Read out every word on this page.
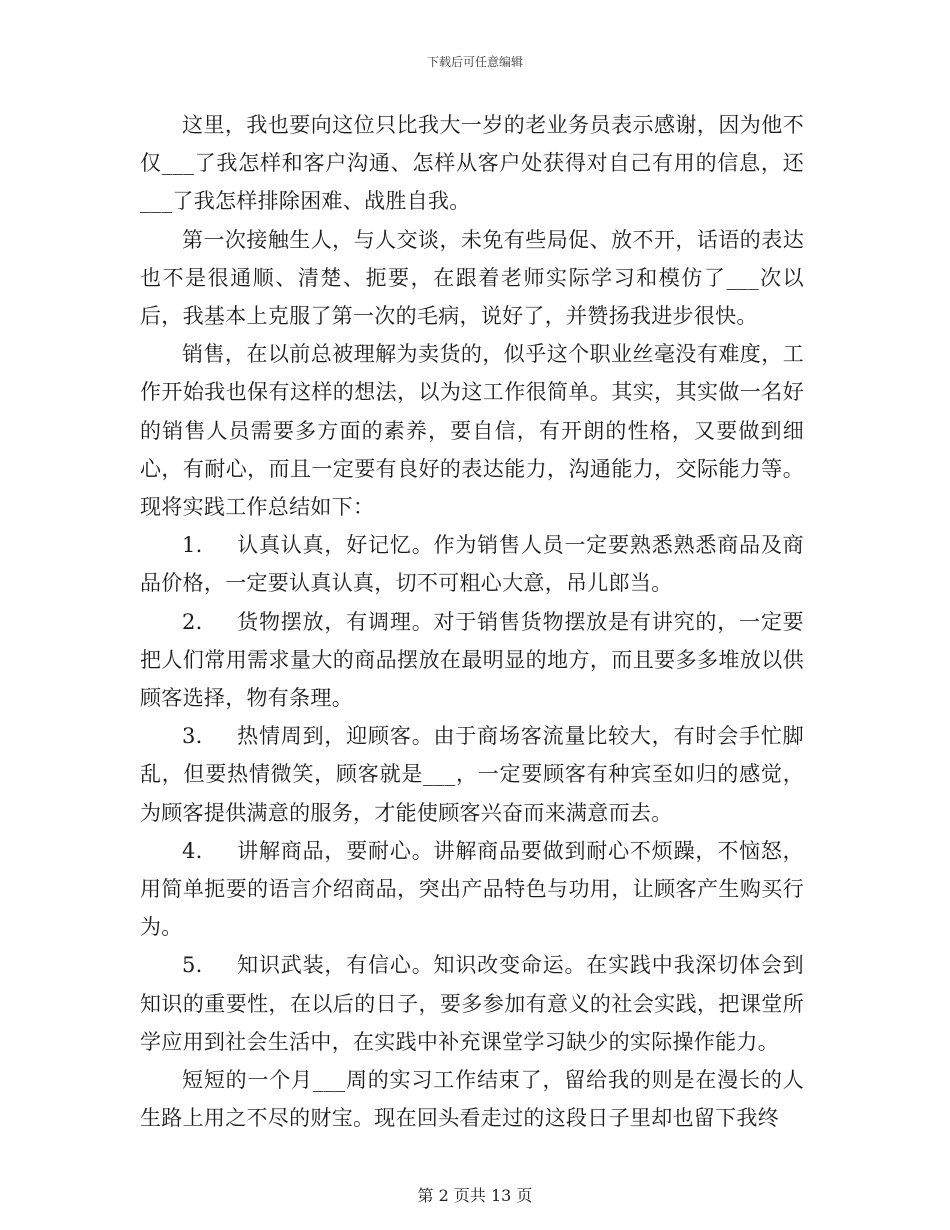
下载后可任意编辑

这里，我也要向这位只比我大一岁的老业务员表示感谢，因为他不仅___了我怎样和客户沟通、怎样从客户处获得对自己有用的信息，还___了我怎样排除困难、战胜自我。

第一次接触生人，与人交谈，未免有些局促、放不开，话语的表达也不是很通顺、清楚、扼要，在跟着老师实际学习和模仿了___次以后，我基本上克服了第一次的毛病，说好了，并赞扬我进步很快。

销售，在以前总被理解为卖货的，似乎这个职业丝毫没有难度，工作开始我也保有这样的想法，以为这工作很简单。其实，其实做一名好的销售人员需要多方面的素养，要自信，有开朗的性格，又要做到细心，有耐心，而且一定要有良好的表达能力，沟通能力，交际能力等。现将实践工作总结如下：

1. 认真认真，好记忆。作为销售人员一定要熟悉熟悉商品及商品价格，一定要认真认真，切不可粗心大意，吊儿郎当。

2. 货物摆放，有调理。对于销售货物摆放是有讲究的，一定要把人们常用需求量大的商品摆放在最明显的地方，而且要多多堆放以供顾客选择，物有条理。

3. 热情周到，迎顾客。由于商场客流量比较大，有时会手忙脚乱，但要热情微笑，顾客就是___，一定要顾客有种宾至如归的感觉，为顾客提供满意的服务，才能使顾客兴奋而来满意而去。

4. 讲解商品，要耐心。讲解商品要做到耐心不烦躁，不恼怒，用简单扼要的语言介绍商品，突出产品特色与功用，让顾客产生购买行为。

5. 知识武装，有信心。知识改变命运。在实践中我深切体会到知识的重要性，在以后的日子，要多参加有意义的社会实践，把课堂所学应用到社会生活中，在实践中补充课堂学习缺少的实际操作能力。

短短的一个月___周的实习工作结束了，留给我的则是在漫长的人生路上用之不尽的财宝。现在回头看走过的这段日子里却也留下我终

第 2 页共 13 页
